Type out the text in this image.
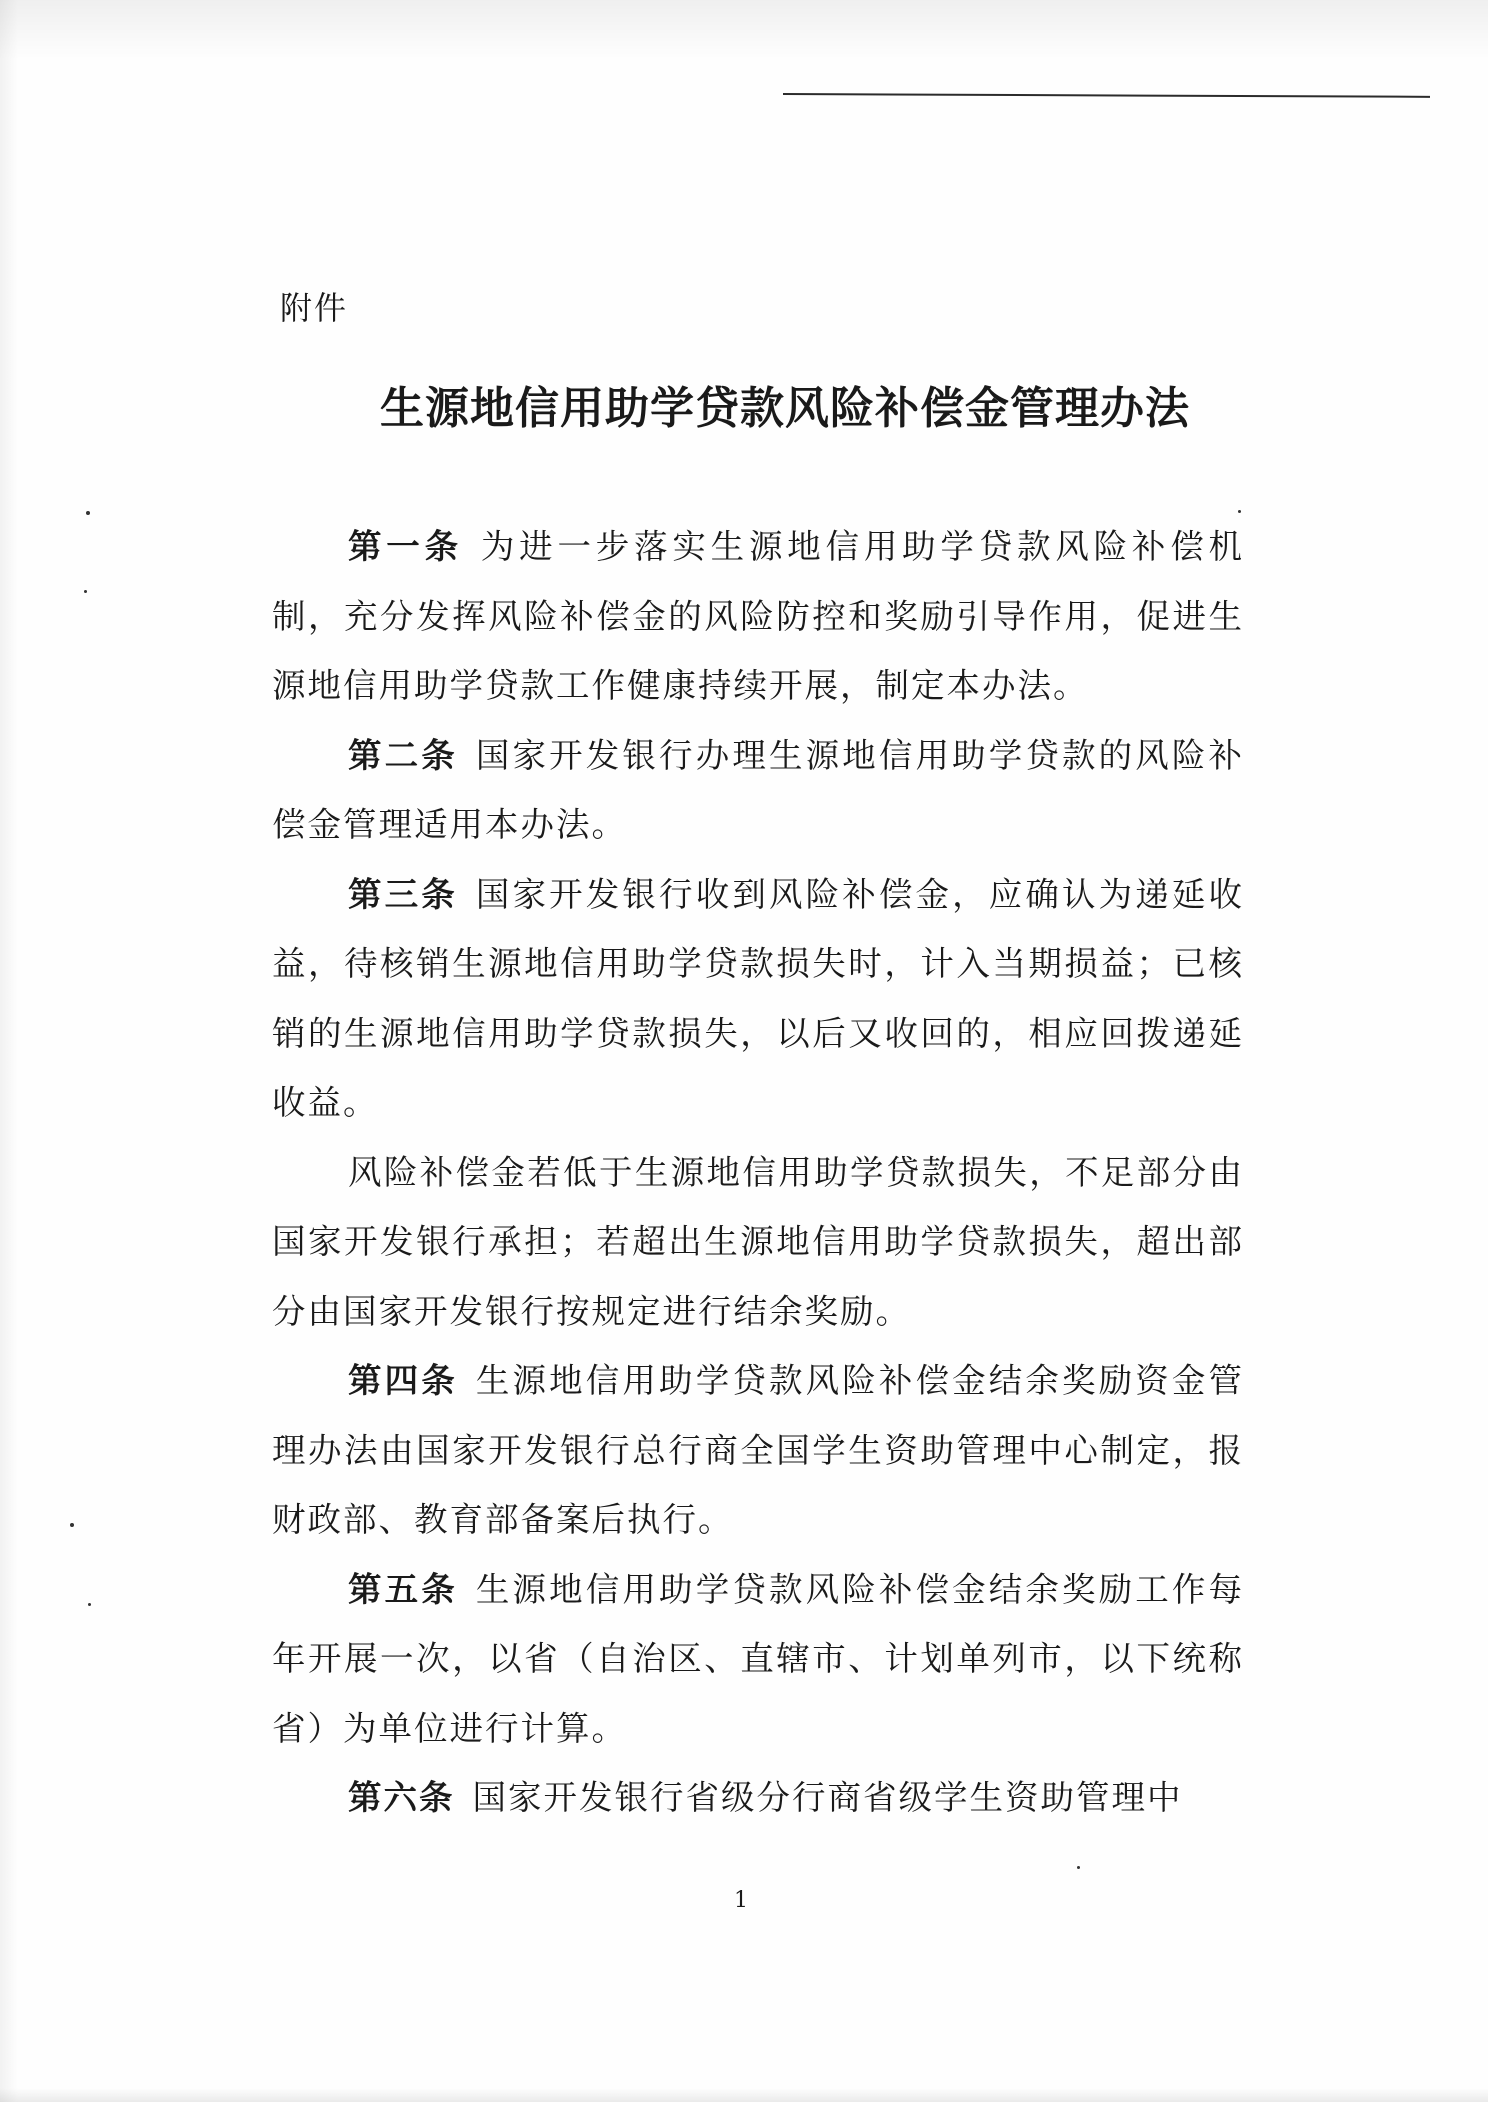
附件
生源地信用助学贷款风险补偿金管理办法

第一条 为进一步落实生源地信用助学贷款风险补偿机制，充分发挥风险补偿金的风险防控和奖励引导作用，促进生源地信用助学贷款工作健康持续开展，制定本办法。

第二条 国家开发银行办理生源地信用助学贷款的风险补偿金管理适用本办法。

第三条 国家开发银行收到风险补偿金，应确认为递延收益，待核销生源地信用助学贷款损失时，计入当期损益；已核销的生源地信用助学贷款损失，以后又收回的，相应回拨递延收益。

风险补偿金若低于生源地信用助学贷款损失，不足部分由国家开发银行承担；若超出生源地信用助学贷款损失，超出部分由国家开发银行按规定进行结余奖励。

第四条 生源地信用助学贷款风险补偿金结余奖励资金管理办法由国家开发银行总行商全国学生资助管理中心制定，报财政部、教育部备案后执行。

第五条 生源地信用助学贷款风险补偿金结余奖励工作每年开展一次，以省（自治区、直辖市、计划单列市，以下统称省）为单位进行计算。

第六条 国家开发银行省级分行商省级学生资助管理中

1
